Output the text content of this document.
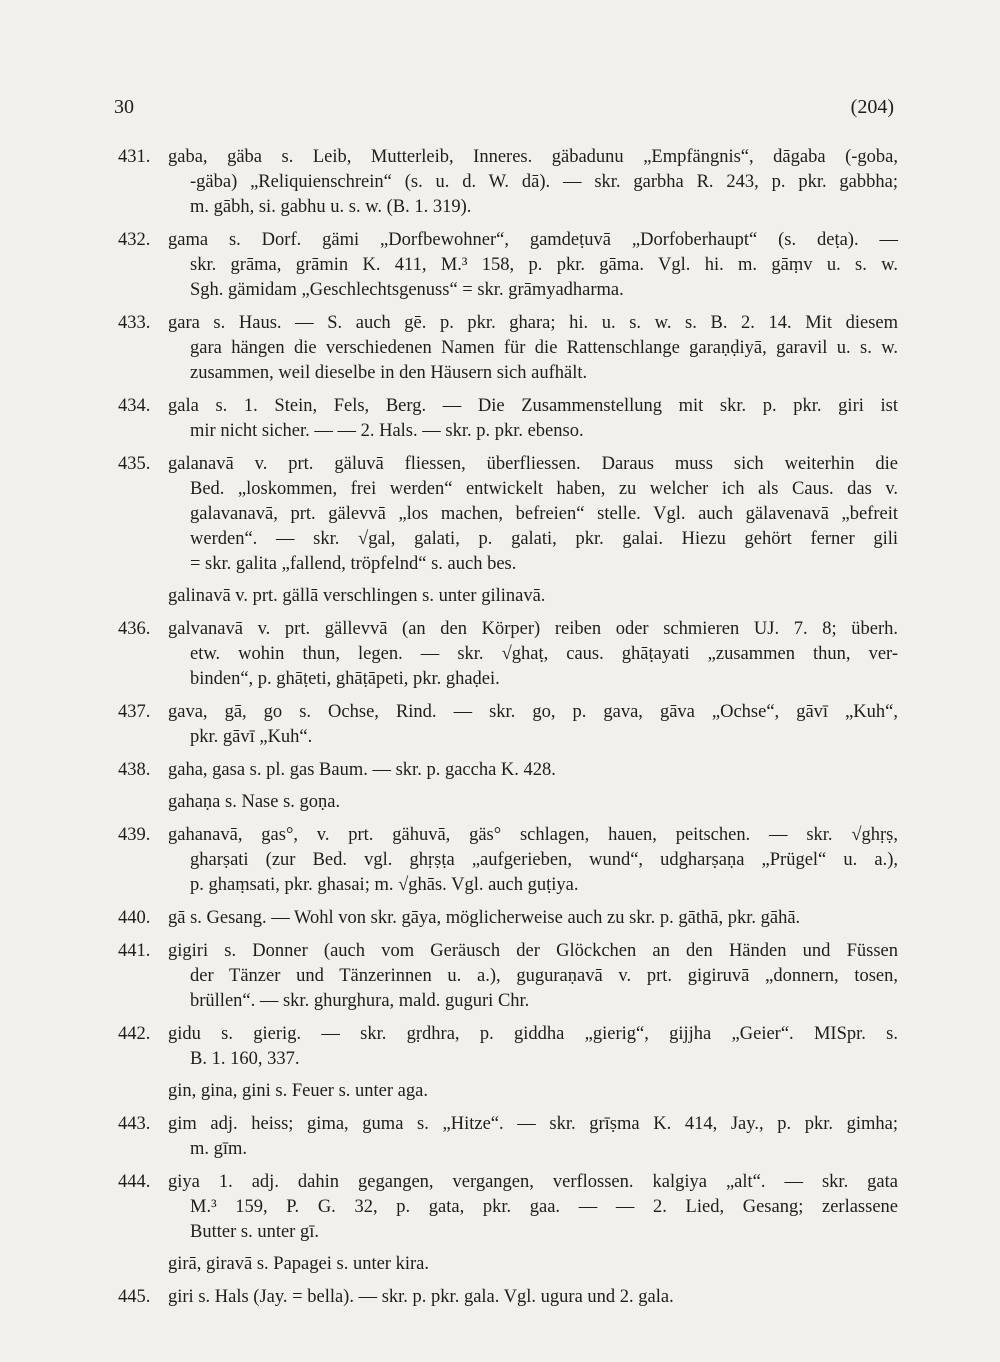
30	(204)
431. gaba, gäba s. Leib, Mutterleib, Inneres. gäbadunu „Empfängnis“, dāgaba (-goba,
-gäba) „Reliquienschrein“ (s. u. d. W. dā). — skr. garbha R. 243, p. pkr. gabbha;
m. gābh, si. gabhu u. s. w. (B. 1. 319).
432. gama s. Dorf. gämi „Dorfbewohner“, gamdeṭuvā „Dorfoberhaupt“ (s. deṭa). —
skr. grāma, grāmin K. 411, M.³ 158, p. pkr. gāma. Vgl. hi. m. gāṃv u. s. w.
Sgh. gämidam „Geschlechtsgenuss“ = skr. grāmyadharma.
433. gara s. Haus. — S. auch gē. p. pkr. ghara; hi. u. s. w. s. B. 2. 14. Mit diesem
gara hängen die verschiedenen Namen für die Rattenschlange garaṇḍiyā, garavil u. s. w.
zusammen, weil dieselbe in den Häusern sich aufhält.
434. gala s. 1. Stein, Fels, Berg. — Die Zusammenstellung mit skr. p. pkr. giri ist
mir nicht sicher. — — 2. Hals. — skr. p. pkr. ebenso.
435. galanavā v. prt. gäluvā fliessen, überfliessen. Daraus muss sich weiterhin die
Bed. „loskommen, frei werden“ entwickelt haben, zu welcher ich als Caus. das v.
galavanavā, prt. gälevvā „los machen, befreien“ stelle. Vgl. auch gälavenavā „befreit
werden“. — skr. √gal, galati, p. galati, pkr. galai. Hiezu gehört ferner gili
= skr. galita „fallend, tröpfelnd“ s. auch bes.
galinavā v. prt. gällā verschlingen s. unter gilinavā.
436. galvanavā v. prt. gällevvā (an den Körper) reiben oder schmieren UJ. 7. 8; überh.
etw. wohin thun, legen. — skr. √ghaṭ, caus. ghāṭayati „zusammen thun, ver-
binden“, p. ghāṭeti, ghāṭāpeti, pkr. ghaḍei.
437. gava, gā, go s. Ochse, Rind. — skr. go, p. gava, gāva „Ochse“, gāvī „Kuh“,
pkr. gāvī „Kuh“.
438. gaha, gasa s. pl. gas Baum. — skr. p. gaccha K. 428.
gahaṇa s. Nase s. goṇa.
439. gahanavā, gas°, v. prt. gähuvā, gäs° schlagen, hauen, peitschen. — skr. √ghṛṣ,
gharṣati (zur Bed. vgl. ghṛṣṭa „aufgerieben, wund“, udgharṣaṇa „Prügel“ u. a.),
p. ghaṃsati, pkr. ghasai; m. √ghās. Vgl. auch guṭiya.
440. gā s. Gesang. — Wohl von skr. gāya, möglicherweise auch zu skr. p. gāthā, pkr. gāhā.
441. gigiri s. Donner (auch vom Geräusch der Glöckchen an den Händen und Füssen
der Tänzer und Tänzerinnen u. a.), guguraṇavā v. prt. gigiruvā „donnern, tosen,
brüllen“. — skr. ghurghura, mald. guguri Chr.
442. gidu s. gierig. — skr. gṛdhra, p. giddha „gierig“, gijjha „Geier“. MISpr. s.
B. 1. 160, 337.
gin, gina, gini s. Feuer s. unter aga.
443. gim adj. heiss; gima, guma s. „Hitze“. — skr. grīṣma K. 414, Jay., p. pkr. gimha;
m. gīm.
444. giya 1. adj. dahin gegangen, vergangen, verflossen. kalgiya „alt“. — skr. gata
M.³ 159, P. G. 32, p. gata, pkr. gaa. — — 2. Lied, Gesang; zerlassene
Butter s. unter gī.
girā, giravā s. Papagei s. unter kira.
445. giri s. Hals (Jay. = bella). — skr. p. pkr. gala. Vgl. ugura und 2. gala.
